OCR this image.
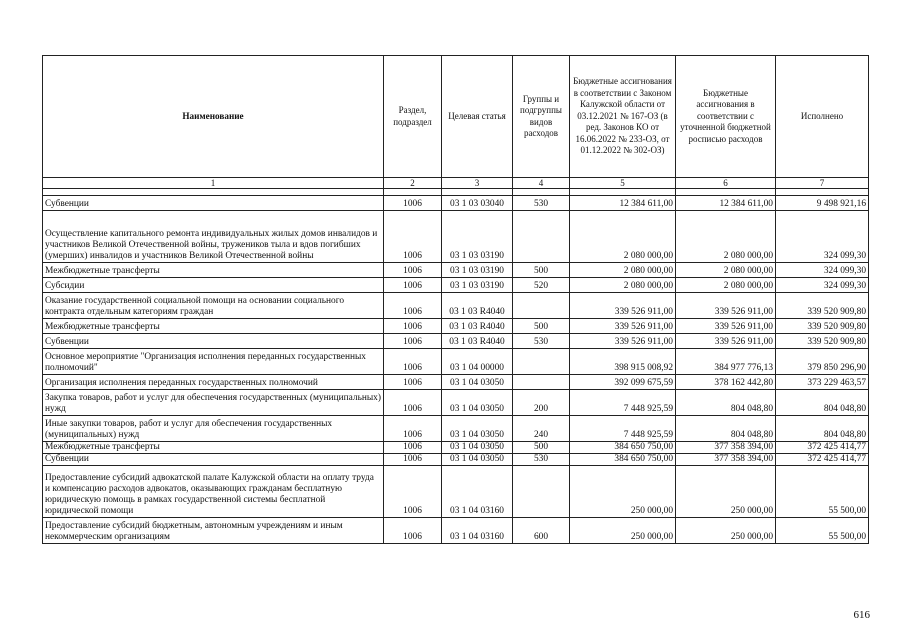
Наименование	Раздел, подраздел	Целевая статья	Группы и подгруппы видов расходов	Бюджетные ассигнования в соответствии с Законом Калужской области от 03.12.2021 № 167-ОЗ (в ред. Законов КО от 16.06.2022 № 233-ОЗ, от 01.12.2022 № 302-ОЗ)	Бюджетные ассигнования в соответствии с уточненной бюджетной росписью расходов	Исполнено
1	2	3	4	5	6	7

Субвенции	1006	03 1 03 03040	530	12 384 611,00	12 384 611,00	9 498 921,16
Осуществление капитального ремонта индивидуальных жилых домов инвалидов и участников Великой Отечественной войны, тружеников тыла и вдов погибших (умерших) инвалидов и участников Великой Отечественной войны	1006	03 1 03 03190		2 080 000,00	2 080 000,00	324 099,30
Межбюджетные трансферты	1006	03 1 03 03190	500	2 080 000,00	2 080 000,00	324 099,30
Субсидии	1006	03 1 03 03190	520	2 080 000,00	2 080 000,00	324 099,30
Оказание государственной социальной помощи на основании социального контракта отдельным категориям граждан	1006	03 1 03 R4040		339 526 911,00	339 526 911,00	339 520 909,80
Межбюджетные трансферты	1006	03 1 03 R4040	500	339 526 911,00	339 526 911,00	339 520 909,80
Субвенции	1006	03 1 03 R4040	530	339 526 911,00	339 526 911,00	339 520 909,80
Основное мероприятие "Организация исполнения переданных государственных полномочий"	1006	03 1 04 00000		398 915 008,92	384 977 776,13	379 850 296,90
Организация исполнения переданных государственных полномочий	1006	03 1 04 03050		392 099 675,59	378 162 442,80	373 229 463,57
Закупка товаров, работ и услуг для обеспечения государственных (муниципальных) нужд	1006	03 1 04 03050	200	7 448 925,59	804 048,80	804 048,80
Иные закупки товаров, работ и услуг для обеспечения государственных (муниципальных) нужд	1006	03 1 04 03050	240	7 448 925,59	804 048,80	804 048,80
Межбюджетные трансферты	1006	03 1 04 03050	500	384 650 750,00	377 358 394,00	372 425 414,77
Субвенции	1006	03 1 04 03050	530	384 650 750,00	377 358 394,00	372 425 414,77
Предоставление субсидий адвокатской палате Калужской области на оплату труда и компенсацию расходов адвокатов, оказывающих гражданам бесплатную юридическую помощь в рамках государственной системы бесплатной юридической помощи	1006	03 1 04 03160		250 000,00	250 000,00	55 500,00
Предоставление субсидий бюджетным, автономным учреждениям и иным некоммерческим организациям	1006	03 1 04 03160	600	250 000,00	250 000,00	55 500,00
616
